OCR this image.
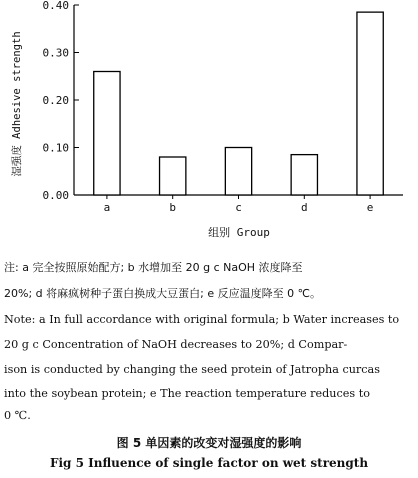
0.00
0.10
0.20
0.30
0.40
a	b	c	d	e
湿强度 Adhesive strength
组别 Group
注: a 完全按照原始配方; b 水增加至 20 g c NaOH 浓度降至
20%; d 将麻疯树种子蛋白换成大豆蛋白; e 反应温度降至 0 ℃。
Note: a In full accordance with original formula; b Water increases to
20 g c Concentration of NaOH decreases to 20%; d Compar-
ison is conducted by changing the seed protein of Jatropha curcas
into the soybean protein; e The reaction temperature reduces to
0 ℃.
图 5 单因素的改变对湿强度的影响
Fig 5 Influence of single factor on wet strength
